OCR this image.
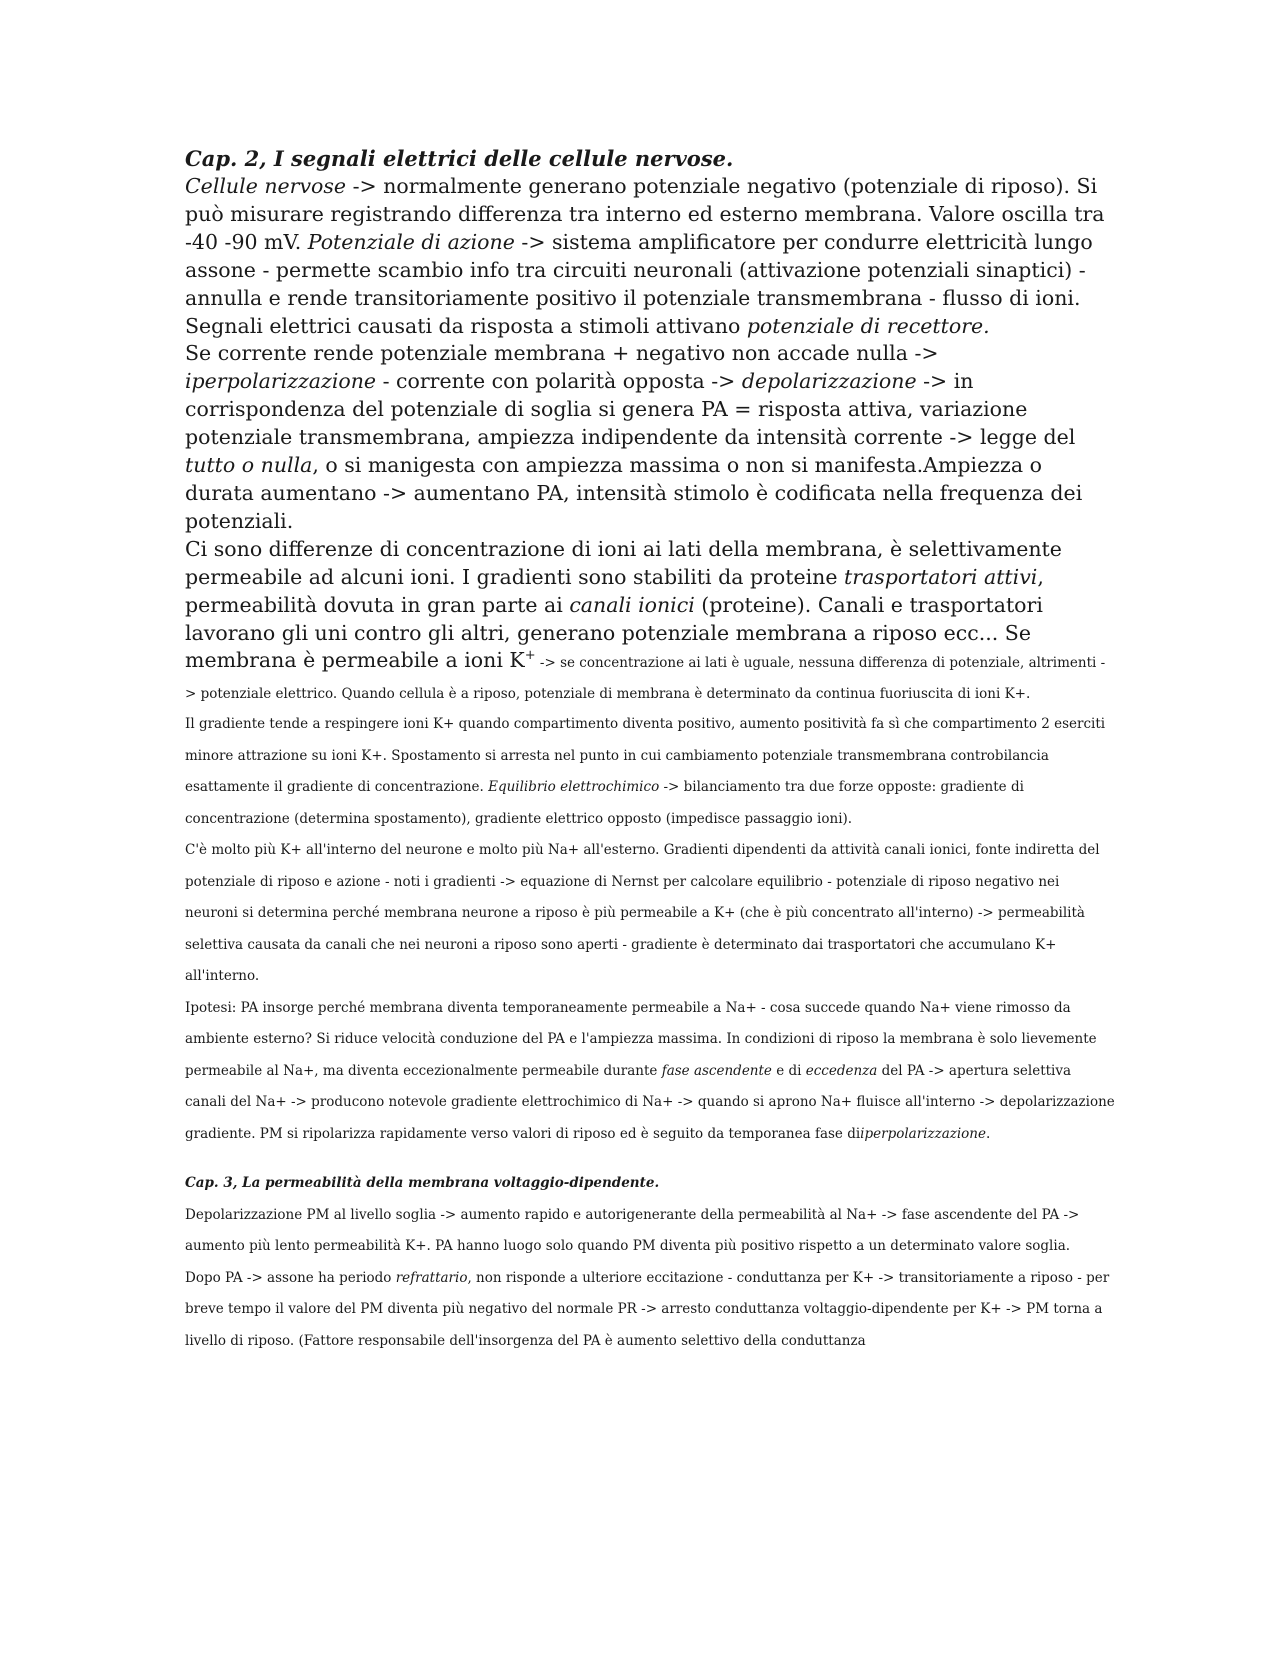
Cap. 2, I segnali elettrici delle cellule nervose.

Cellule nervose -> normalmente generano potenziale negativo (potenziale di riposo). Si può misurare registrando differenza tra interno ed esterno membrana. Valore oscilla tra -40 -90 mV. Potenziale di azione -> sistema amplificatore per condurre elettricità lungo assone - permette scambio info tra circuiti neuronali (attivazione potenziali sinaptici) - annulla e rende transitoriamente positivo il potenziale transmembrana - flusso di ioni.

Segnali elettrici causati da risposta a stimoli attivano potenziale di recettore.

Se corrente rende potenziale membrana + negativo non accade nulla -> iperpolarizzazione - corrente con polarità opposta -> depolarizzazione -> in corrispondenza del potenziale di soglia si genera PA = risposta attiva, variazione potenziale transmembrana, ampiezza indipendente da intensità corrente -> legge del tutto o nulla, o si manigesta con ampiezza massima o non si manifesta.Ampiezza o durata aumentano -> aumentano PA, intensità stimolo è codificata nella frequenza dei potenziali.

Ci sono differenze di concentrazione di ioni ai lati della membrana, è selettivamente permeabile ad alcuni ioni. I gradienti sono stabiliti da proteine trasportatori attivi, permeabilità dovuta in gran parte ai canali ionici (proteine). Canali e trasportatori lavorano gli uni contro gli altri, generano potenziale membrana a riposo ecc... Se membrana è permeabile a ioni K+ -> se concentrazione ai lati è uguale, nessuna differenza di potenziale, altrimenti -> potenziale elettrico. Quando cellula è a riposo, potenziale di membrana è determinato da continua fuoriuscita di ioni K+.

Il gradiente tende a respingere ioni K+ quando compartimento diventa positivo, aumento positività fa sì che compartimento 2 eserciti minore attrazione su ioni K+. Spostamento si arresta nel punto in cui cambiamento potenziale transmembrana controbilancia esattamente il gradiente di concentrazione. Equilibrio elettrochimico -> bilanciamento tra due forze opposte: gradiente di concentrazione (determina spostamento), gradiente elettrico opposto (impedisce passaggio ioni).

C'è molto più K+ all'interno del neurone e molto più Na+ all'esterno. Gradienti dipendenti da attività canali ionici, fonte indiretta del potenziale di riposo e azione - noti i gradienti -> equazione di Nernst per calcolare equilibrio - potenziale di riposo negativo nei neuroni si determina perché membrana neurone a riposo è più permeabile a K+ (che è più concentrato all'interno) -> permeabilità selettiva causata da canali che nei neuroni a riposo sono aperti - gradiente è determinato dai trasportatori che accumulano K+ all'interno.

Ipotesi: PA insorge perché membrana diventa temporaneamente permeabile a Na+ - cosa succede quando Na+ viene rimosso da ambiente esterno? Si riduce velocità conduzione del PA e l'ampiezza massima. In condizioni di riposo la membrana è solo lievemente permeabile al Na+, ma diventa eccezionalmente permeabile durante fase ascendente e di eccedenza del PA -> apertura selettiva canali del Na+ -> producono notevole gradiente elettrochimico di Na+ -> quando si aprono Na+ fluisce all'interno -> depolarizzazione gradiente. PM si ripolarizza rapidamente verso valori di riposo ed è seguito da temporanea fase diiperpolarizzazione.

Cap. 3, La permeabilità della membrana voltaggio-dipendente.

Depolarizzazione PM al livello soglia -> aumento rapido e autorigenerante della permeabilità al Na+ -> fase ascendente del PA -> aumento più lento permeabilità K+. PA hanno luogo solo quando PM diventa più positivo rispetto a un determinato valore soglia.

Dopo PA -> assone ha periodo refrattario, non risponde a ulteriore eccitazione - conduttanza per K+ -> transitoriamente a riposo - per breve tempo il valore del PM diventa più negativo del normale PR -> arresto conduttanza voltaggio-dipendente per K+ -> PM torna a livello di riposo. (Fattore responsabile dell'insorgenza del PA è aumento selettivo della conduttanza
